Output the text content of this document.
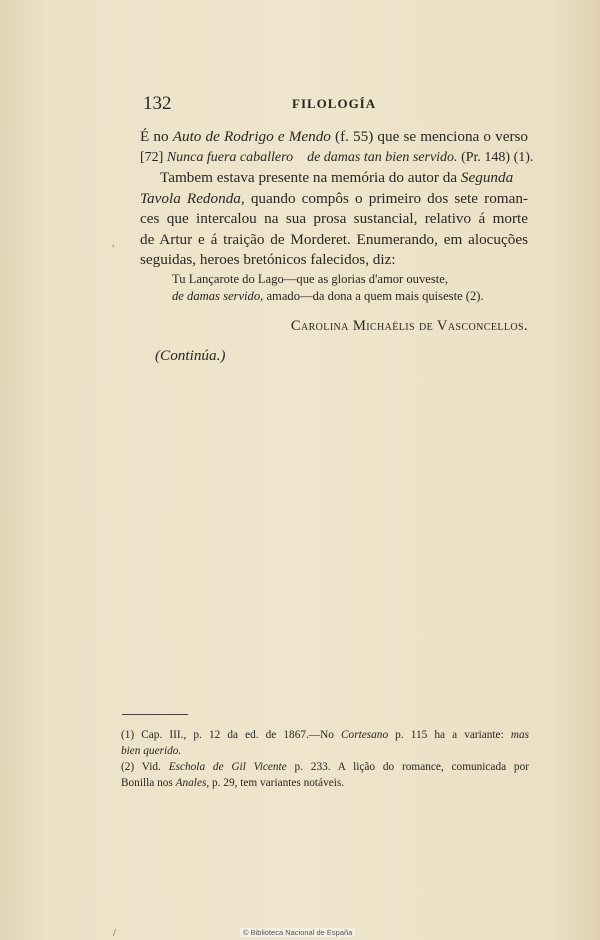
132	FILOLOGÍA
,
É no Auto de Rodrigo e Mendo (f. 55) que se menciona o verso
[72] Nunca fuera caballero de damas tan bien servido. (Pr. 148) (1).
Tambem estava presente na memória do autor da Segunda
Tavola Redonda, quando compôs o primeiro dos sete roman-
ces que intercalou na sua prosa sustancial, relativo á morte
de Artur e á traição de Morderet. Enumerando, em alocuções
seguidas, heroes bretónicos falecidos, diz:
Tu Lançarote do Lago—que as glorias d'amor ouveste,
de damas servido, amado—da dona a quem mais quiseste (2).
Carolina Michaëlis de Vasconcellos.
(Continúa.)
(1) Cap. III., p. 12 da ed. de 1867.—No Cortesano p. 115 ha a variante: mas
bien querido.
(2) Vid. Eschola de Gil Vicente p. 233. A lição do romance, comunicada por
Bonilla nos Anales, p. 29, tem variantes notáveis.
/	© Biblioteca Nacional de España
